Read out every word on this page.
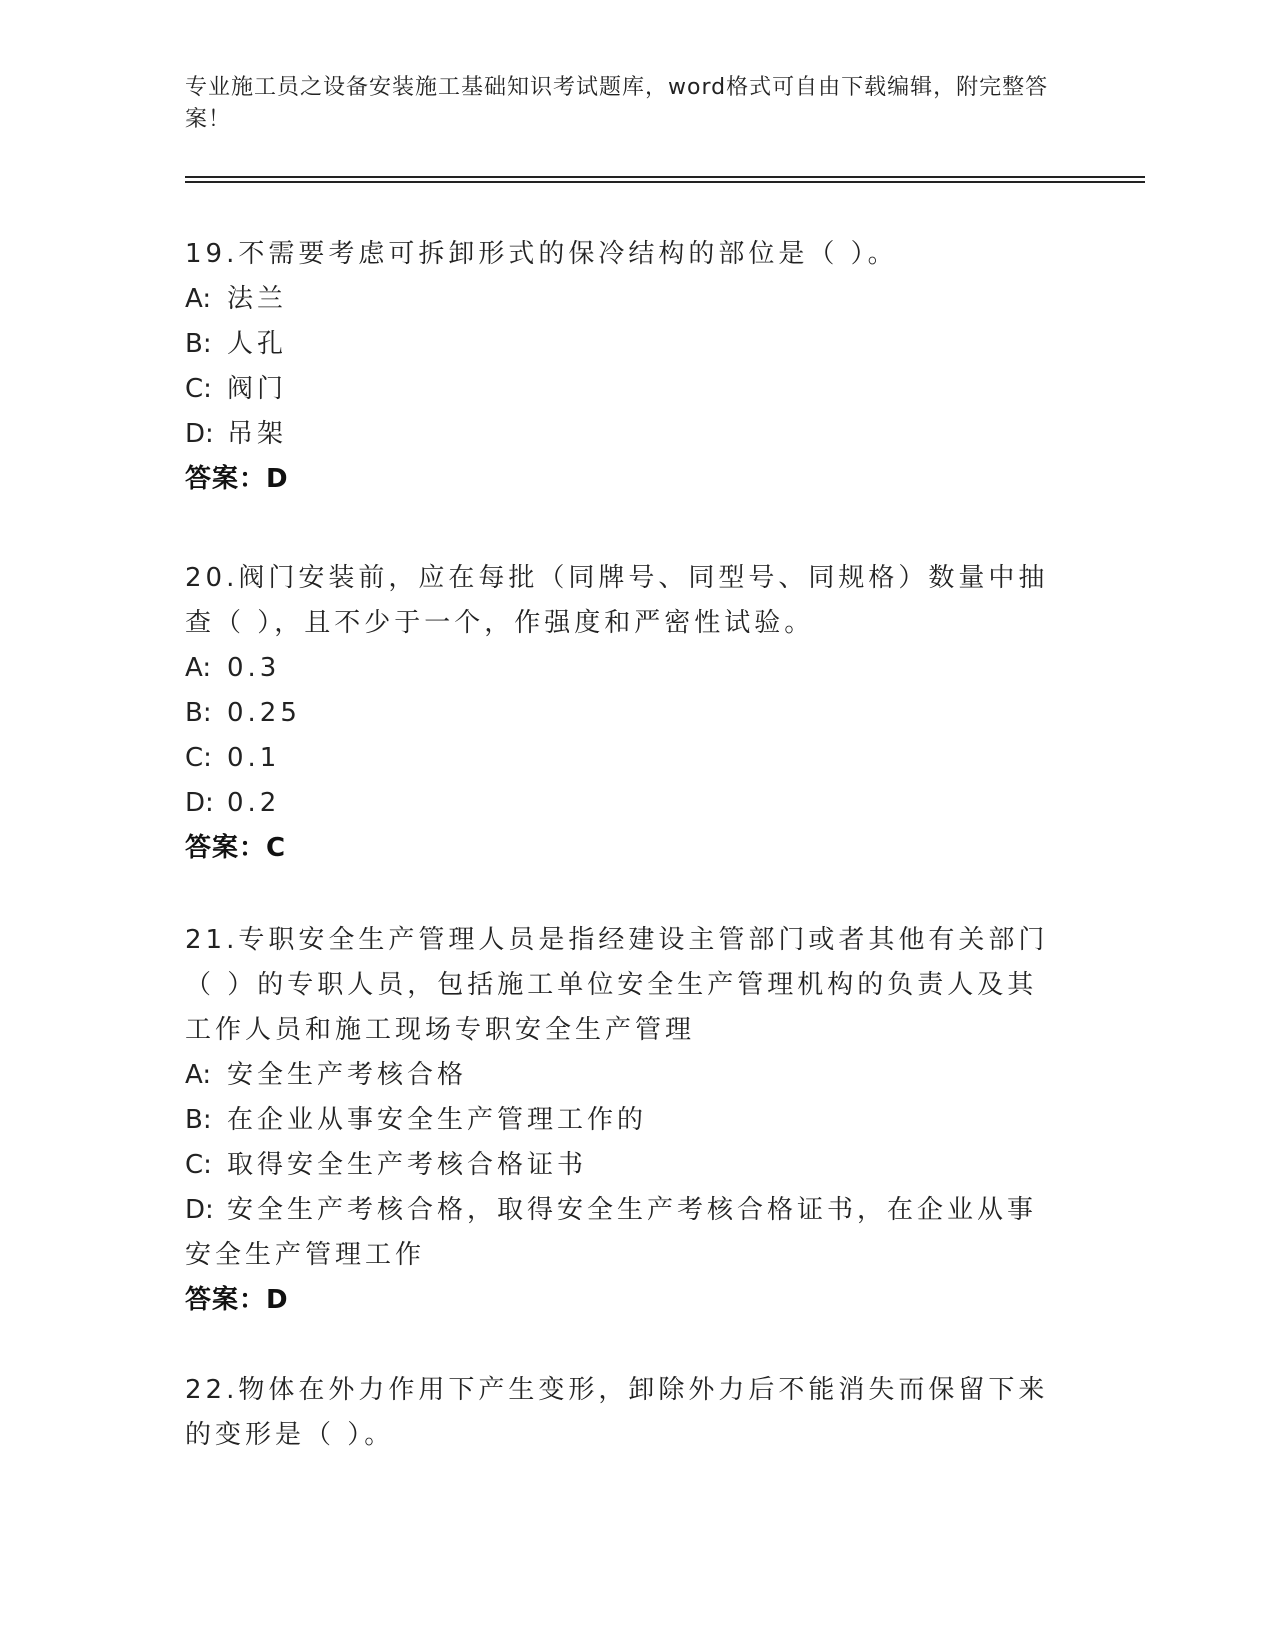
专业施工员之设备安装施工基础知识考试题库，word格式可自由下载编辑，附完整答案！

19.不需要考虑可拆卸形式的保冷结构的部位是（ ）。

A: 法兰

B: 人孔

C: 阀门

D: 吊架

答案：D

20.阀门安装前，应在每批（同牌号、同型号、同规格）数量中抽查（ ），且不少于一个，作强度和严密性试验。

A: 0.3

B: 0.25

C: 0.1

D: 0.2

答案：C

21.专职安全生产管理人员是指经建设主管部门或者其他有关部门（ ）的专职人员，包括施工单位安全生产管理机构的负责人及其工作人员和施工现场专职安全生产管理

A: 安全生产考核合格

B: 在企业从事安全生产管理工作的

C: 取得安全生产考核合格证书

D: 安全生产考核合格，取得安全生产考核合格证书，在企业从事安全生产管理工作

答案：D

22.物体在外力作用下产生变形，卸除外力后不能消失而保留下来的变形是（ ）。
